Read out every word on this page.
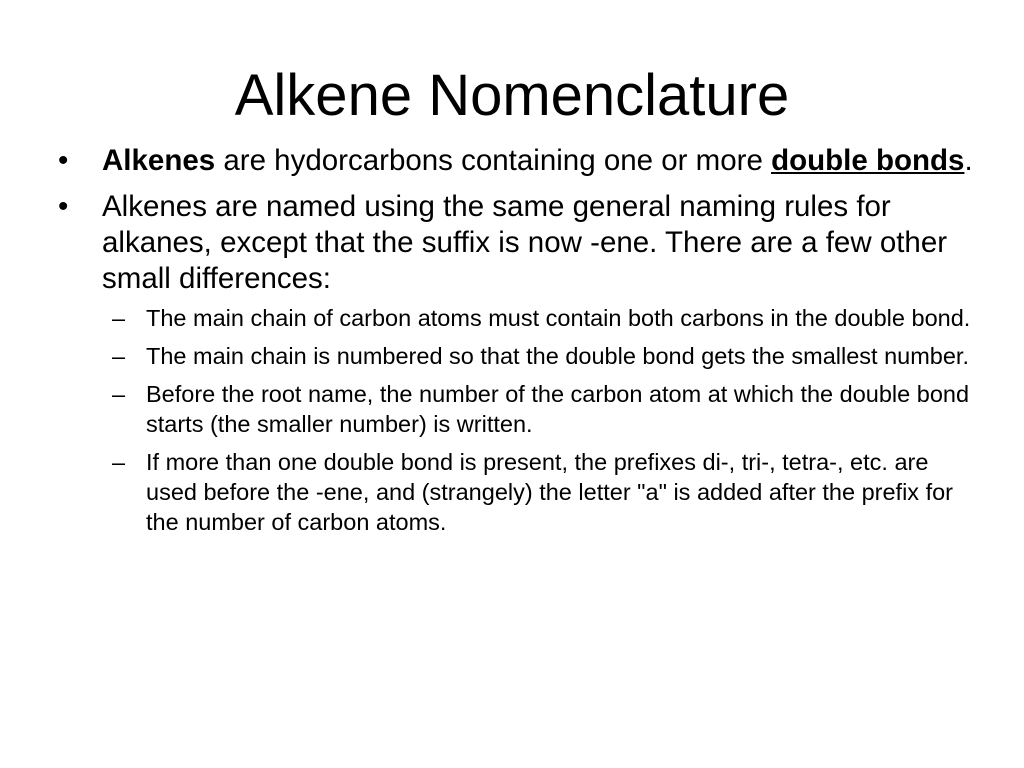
Alkene Nomenclature
•	Alkenes are hydorcarbons containing one or more double bonds.
•	Alkenes are named using the same general naming rules for alkanes, except that the suffix is now -ene. There are a few other small differences:
– The main chain of carbon atoms must contain both carbons in the double bond.
– The main chain is numbered so that the double bond gets the smallest number.
– Before the root name, the number of the carbon atom at which the double bond starts (the smaller number) is written.
– If more than one double bond is present, the prefixes di-, tri-, tetra-, etc. are used before the -ene, and (strangely) the letter "a" is added after the prefix for the number of carbon atoms.
